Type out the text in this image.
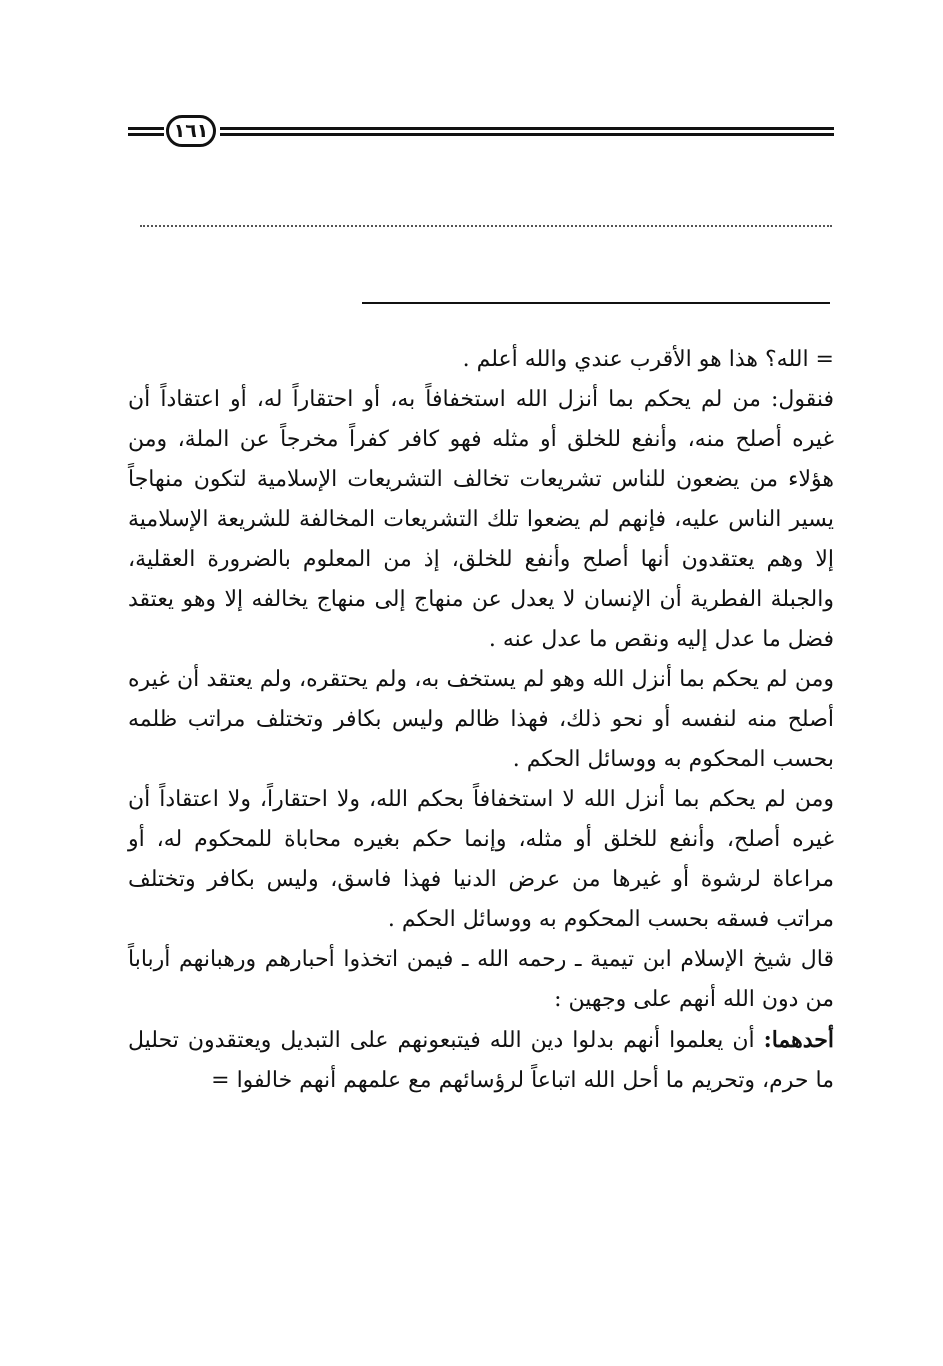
١٦١

= الله؟ هذا هو الأقرب عندي والله أعلم .

فنقول: من لم يحكم بما أنزل الله استخفافاً به، أو احتقاراً له، أو اعتقاداً أن غيره أصلح منه، وأنفع للخلق أو مثله فهو كافر كفراً مخرجاً عن الملة، ومن هؤلاء من يضعون للناس تشريعات تخالف التشريعات الإسلامية لتكون منهاجاً يسير الناس عليه، فإنهم لم يضعوا تلك التشريعات المخالفة للشريعة الإسلامية إلا وهم يعتقدون أنها أصلح وأنفع للخلق، إذ من المعلوم بالضرورة العقلية، والجبلة الفطرية أن الإنسان لا يعدل عن منهاج إلى منهاج يخالفه إلا وهو يعتقد فضل ما عدل إليه ونقص ما عدل عنه .

ومن لم يحكم بما أنزل الله وهو لم يستخف به، ولم يحتقره، ولم يعتقد أن غيره أصلح منه لنفسه أو نحو ذلك، فهذا ظالم وليس بكافر وتختلف مراتب ظلمه بحسب المحكوم به ووسائل الحكم .

ومن لم يحكم بما أنزل الله لا استخفافاً بحكم الله، ولا احتقاراً، ولا اعتقاداً أن غيره أصلح، وأنفع للخلق أو مثله، وإنما حكم بغيره محاباة للمحكوم له، أو مراعاة لرشوة أو غيرها من عرض الدنيا فهذا فاسق، وليس بكافر وتختلف مراتب فسقه بحسب المحكوم به ووسائل الحكم .

قال شيخ الإسلام ابن تيمية ـ رحمه الله ـ فيمن اتخذوا أحبارهم ورهبانهم أرباباً من دون الله أنهم على وجهين :

أحدهما: أن يعلموا أنهم بدلوا دين الله فيتبعونهم على التبديل ويعتقدون تحليل ما حرم، وتحريم ما أحل الله اتباعاً لرؤسائهم مع علمهم أنهم خالفوا =
